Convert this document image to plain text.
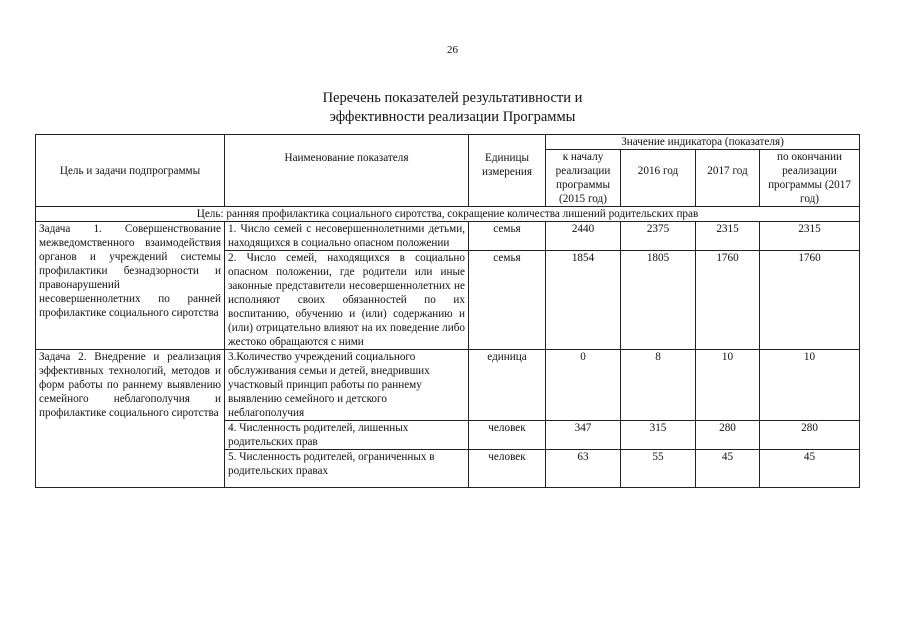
26
Перечень показателей результативности и
эффективности реализации Программы
Цель и задачи подпрограммы	Наименование показателя	Единицы измерения	Значение индикатора (показателя)			
			к началу реализации программы (2015 год)	2016 год	2017 год	по окончании реализации программы (2017 год)
Цель: ранняя профилактика социального сиротства, сокращение количества лишений родительских прав						
Задача 1. Совершенствование межведомственного взаимодействия органов и учреждений системы профилактики безнадзорности и правонарушений несовершеннолетних по ранней профилактике социального сиротства	1. Число семей с несовершеннолетними детьми, находящихся в социально опасном положении	семья	2440	2375	2315	2315
	2. Число семей, находящихся в социально опасном положении, где родители или иные законные представители несовершеннолетних не исполняют своих обязанностей по их воспитанию, обучению и (или) содержанию и (или) отрицательно влияют на их поведение либо жестоко обращаются с ними	семья	1854	1805	1760	1760
Задача 2. Внедрение и реализация эффективных технологий, методов и форм работы по раннему выявлению семейного неблагополучия и профилактике социального сиротства	3.Количество учреждений социального обслуживания семьи и детей, внедривших участковый принцип работы по раннему выявлению семейного и детского неблагополучия	единица	0	8	10	10
	4. Численность родителей, лишенных родительских прав	человек	347	315	280	280
	5. Численность родителей, ограниченных в родительских правах	человек	63	55	45	45
